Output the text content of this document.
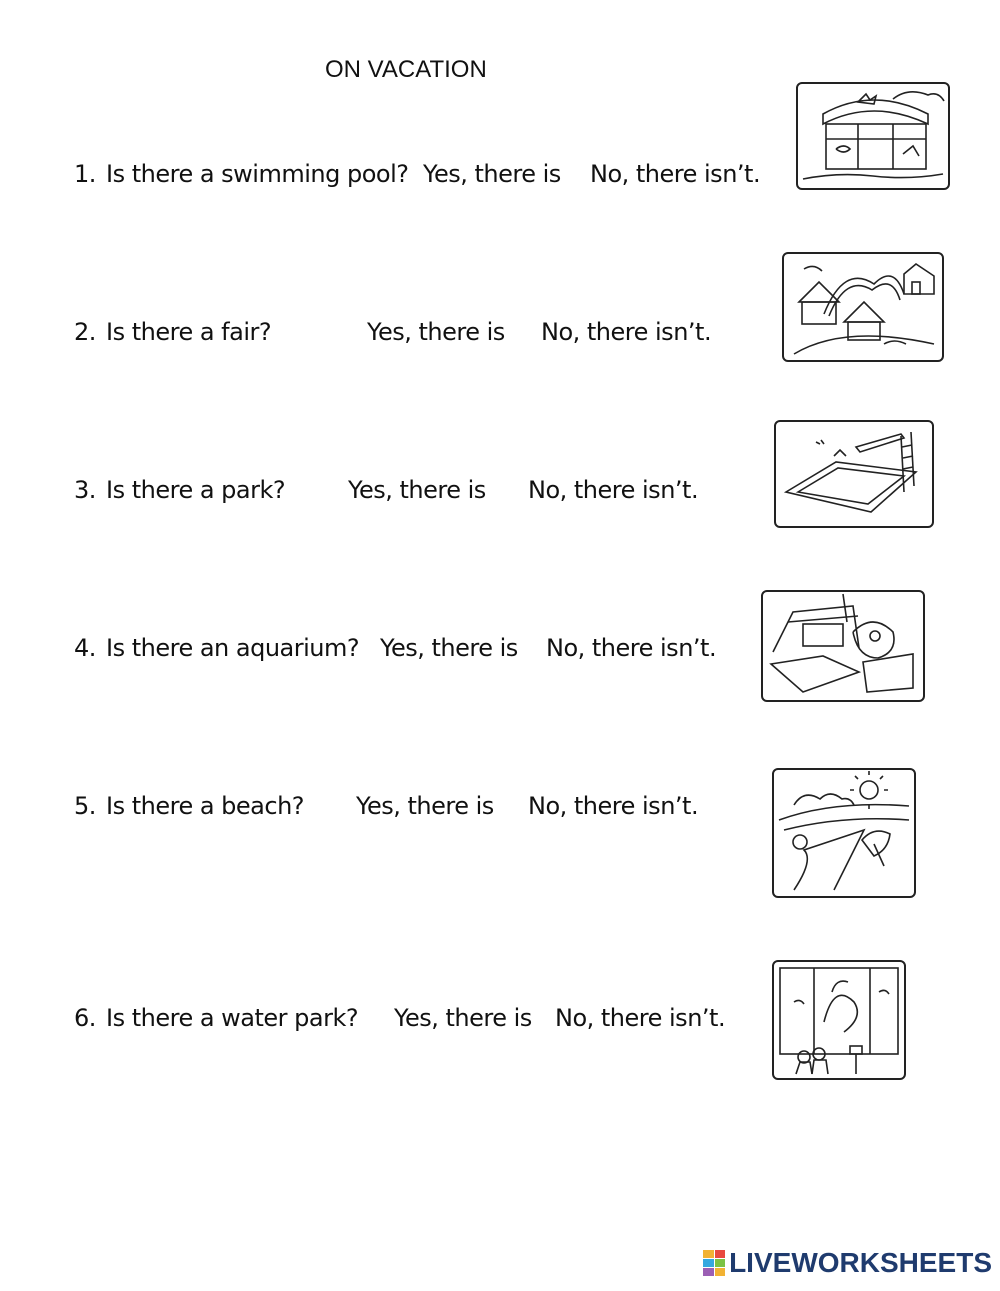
ON VACATION
1. Is there a swimming pool? Yes, there is No, there isn’t.
2. Is there a fair?	Yes, there is No, there isn’t.
3. Is there a park?	Yes, there is No, there isn’t.
4. Is there an aquarium? Yes, there is No, there isn’t.
5. Is there a beach? Yes, there is No, there isn’t.
6. Is there a water park? Yes, there is No, there isn’t.
LIVEWORKSHEETS
